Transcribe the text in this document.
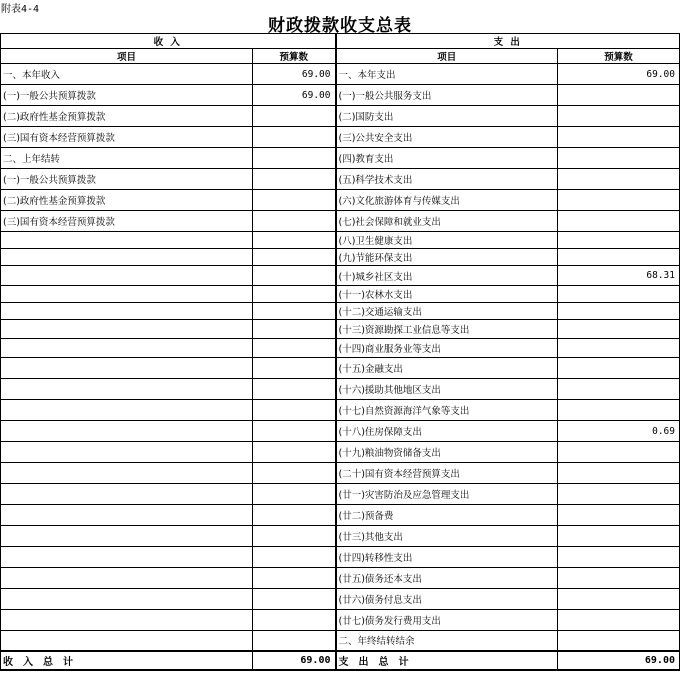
附表4-4
财政拨款收支总表
收 入		支 出	
项目	预算数	项目	预算数
一、本年收入	69.00	一、本年支出	69.00
(一)一般公共预算拨款	69.00	(一)一般公共服务支出	
(二)政府性基金预算拨款		(二)国防支出	
(三)国有资本经营预算拨款		(三)公共安全支出	
二、上年结转		(四)教育支出	
(一)一般公共预算拨款		(五)科学技术支出	
(二)政府性基金预算拨款		(六)文化旅游体育与传媒支出	
(三)国有资本经营预算拨款		(七)社会保障和就业支出	
		(八)卫生健康支出	
		(九)节能环保支出	
		(十)城乡社区支出	68.31
		(十一)农林水支出	
		(十二)交通运输支出	
		(十三)资源勘探工业信息等支出	
		(十四)商业服务业等支出	
		(十五)金融支出	
		(十六)援助其他地区支出	
		(十七)自然资源海洋气象等支出	
		(十八)住房保障支出	0.69
		(十九)粮油物资储备支出	
		(二十)国有资本经营预算支出	
		(廿一)灾害防治及应急管理支出	
		(廿二)预备费	
		(廿三)其他支出	
		(廿四)转移性支出	
		(廿五)债务还本支出	
		(廿六)债务付息支出	
		(廿七)债务发行费用支出	
		二、年终结转结余	
收入总计	69.00	支出总计	69.00
